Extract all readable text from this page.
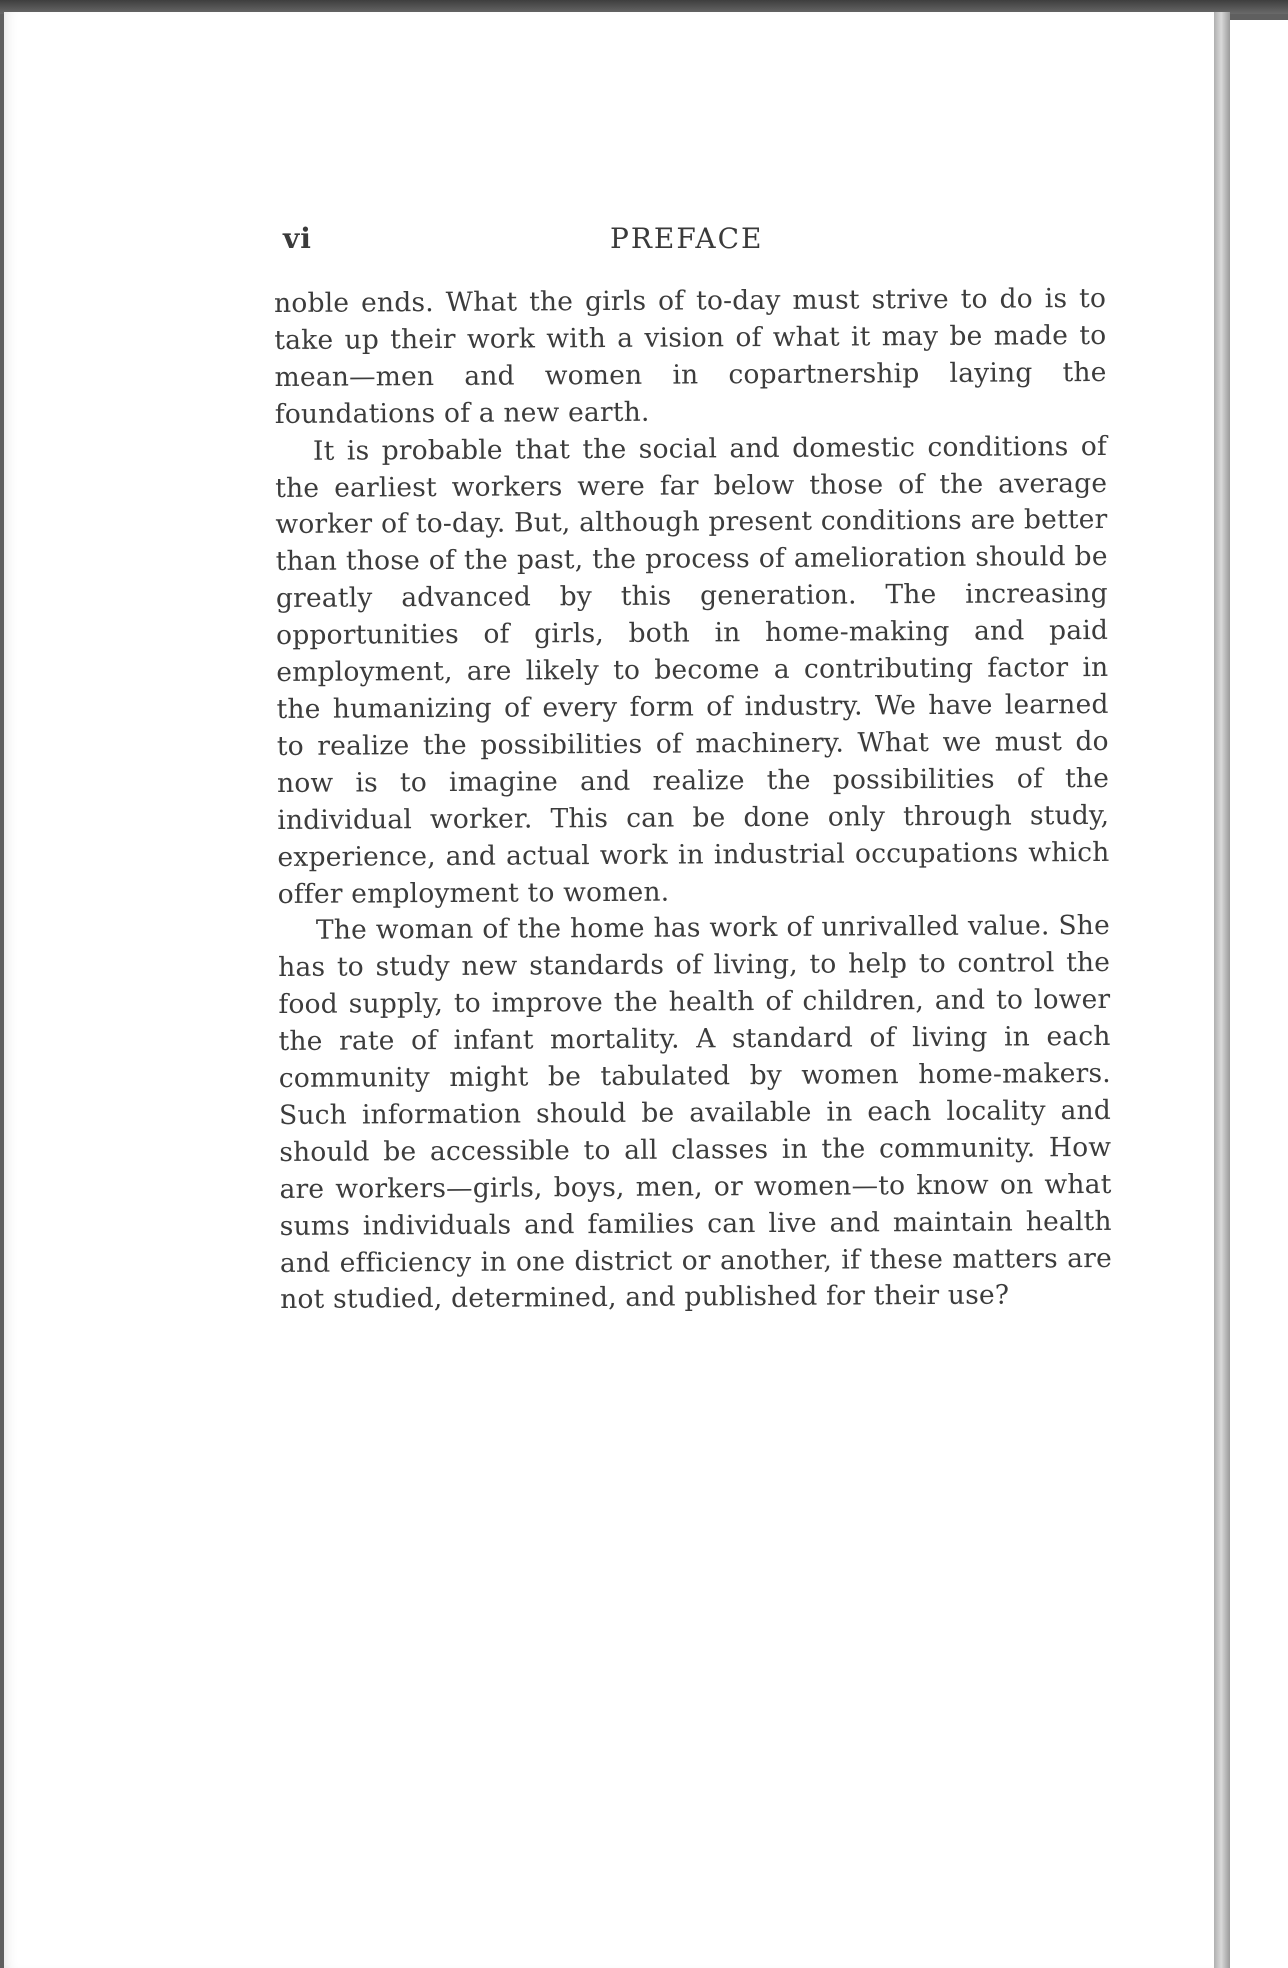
vi	PREFACE

noble ends. What the girls of to-day must strive to do is to take up their work with a vision of what it may be made to mean—men and women in copartnership laying the foundations of a new earth.

It is probable that the social and domestic conditions of the earliest workers were far below those of the average worker of to-day. But, although present conditions are better than those of the past, the process of amelioration should be greatly advanced by this generation. The increasing opportunities of girls, both in home-making and paid employment, are likely to become a contributing factor in the humanizing of every form of industry. We have learned to realize the possibilities of machinery. What we must do now is to imagine and realize the possibilities of the individual worker. This can be done only through study, experience, and actual work in industrial occupations which offer employment to women.

The woman of the home has work of unrivalled value. She has to study new standards of living, to help to control the food supply, to improve the health of children, and to lower the rate of infant mortality. A standard of living in each community might be tabulated by women home-makers. Such information should be available in each locality and should be accessible to all classes in the community. How are workers—girls, boys, men, or women—to know on what sums individuals and families can live and maintain health and efficiency in one district or another, if these matters are not studied, determined, and published for their use?
